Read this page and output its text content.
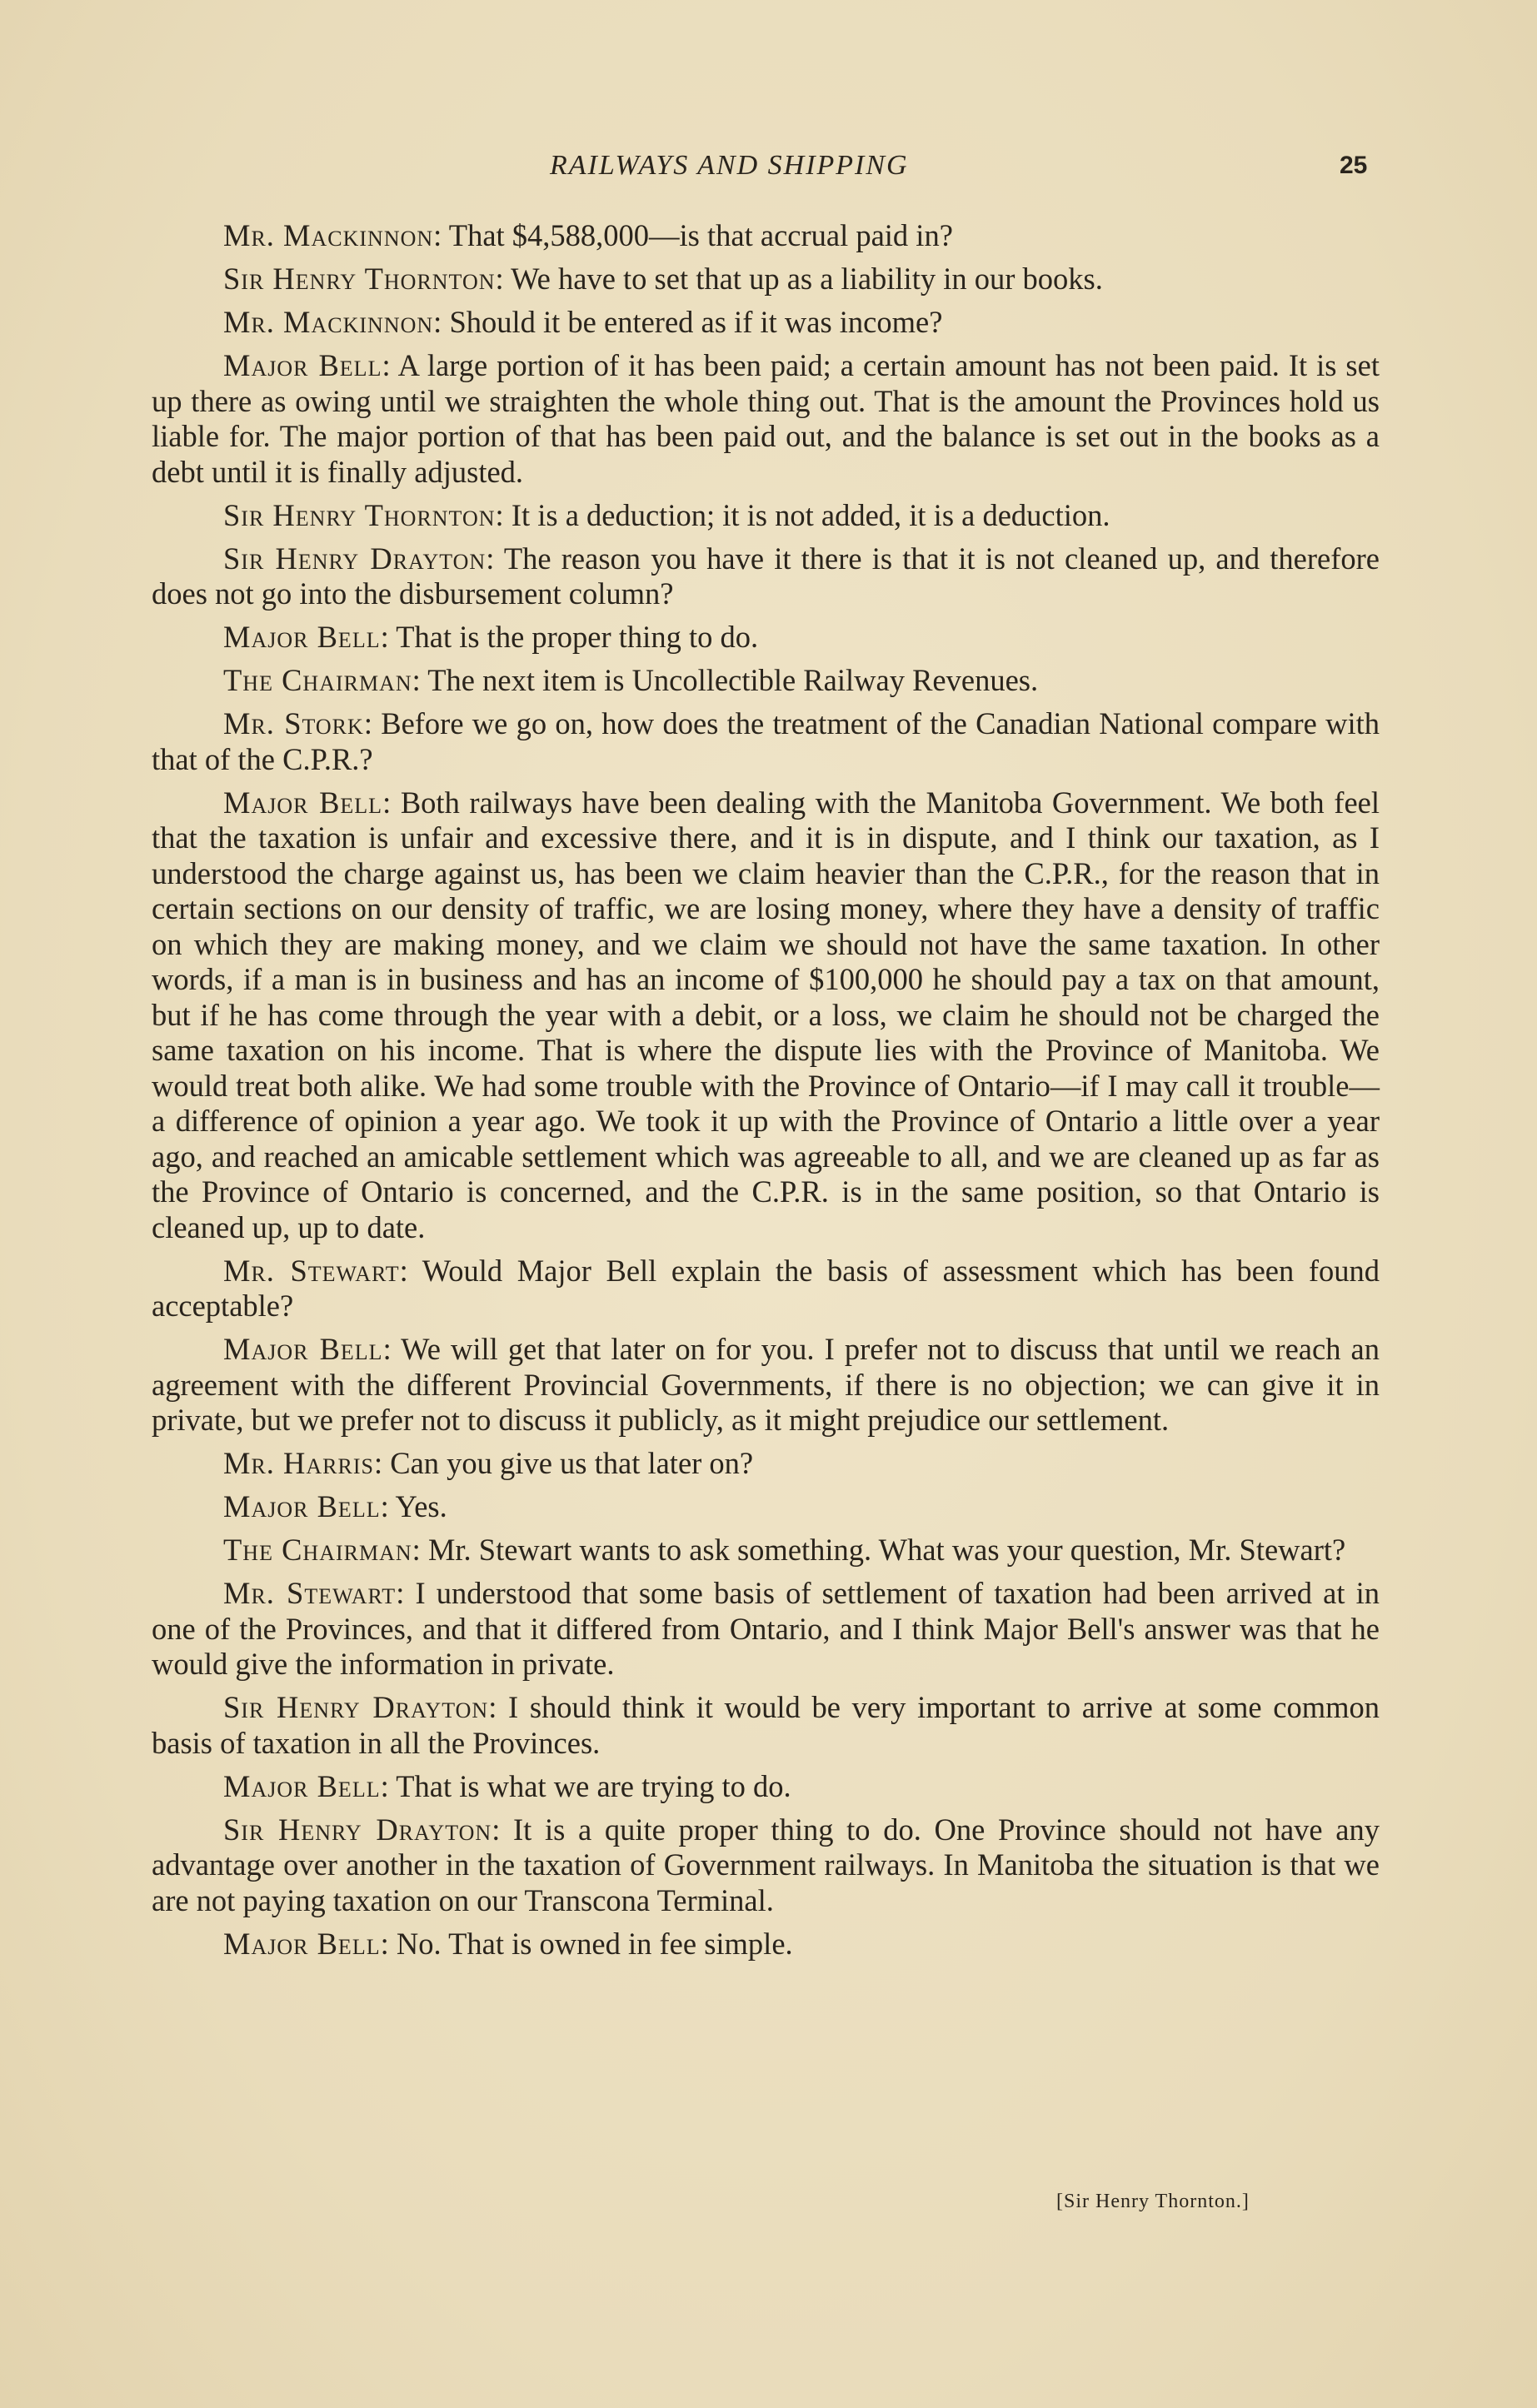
RAILWAYS AND SHIPPING	25

Mr. Mackinnon: That $4,588,000—is that accrual paid in?

Sir Henry Thornton: We have to set that up as a liability in our books.

Mr. Mackinnon: Should it be entered as if it was income?

Major Bell: A large portion of it has been paid; a certain amount has not been paid. It is set up there as owing until we straighten the whole thing out. That is the amount the Provinces hold us liable for. The major portion of that has been paid out, and the balance is set out in the books as a debt until it is finally adjusted.

Sir Henry Thornton: It is a deduction; it is not added, it is a deduction.

Sir Henry Drayton: The reason you have it there is that it is not cleaned up, and therefore does not go into the disbursement column?

Major Bell: That is the proper thing to do.

The Chairman: The next item is Uncollectible Railway Revenues.

Mr. Stork: Before we go on, how does the treatment of the Canadian National compare with that of the C.P.R.?

Major Bell: Both railways have been dealing with the Manitoba Government. We both feel that the taxation is unfair and excessive there, and it is in dispute, and I think our taxation, as I understood the charge against us, has been we claim heavier than the C.P.R., for the reason that in certain sections on our density of traffic, we are losing money, where they have a density of traffic on which they are making money, and we claim we should not have the same taxation. In other words, if a man is in business and has an income of $100,000 he should pay a tax on that amount, but if he has come through the year with a debit, or a loss, we claim he should not be charged the same taxation on his income. That is where the dispute lies with the Province of Manitoba. We would treat both alike. We had some trouble with the Province of Ontario—if I may call it trouble—a difference of opinion a year ago. We took it up with the Province of Ontario a little over a year ago, and reached an amicable settlement which was agreeable to all, and we are cleaned up as far as the Province of Ontario is concerned, and the C.P.R. is in the same position, so that Ontario is cleaned up, up to date.

Mr. Stewart: Would Major Bell explain the basis of assessment which has been found acceptable?

Major Bell: We will get that later on for you. I prefer not to discuss that until we reach an agreement with the different Provincial Governments, if there is no objection; we can give it in private, but we prefer not to discuss it publicly, as it might prejudice our settlement.

Mr. Harris: Can you give us that later on?

Major Bell: Yes.

The Chairman: Mr. Stewart wants to ask something. What was your question, Mr. Stewart?

Mr. Stewart: I understood that some basis of settlement of taxation had been arrived at in one of the Provinces, and that it differed from Ontario, and I think Major Bell's answer was that he would give the information in private.

Sir Henry Drayton: I should think it would be very important to arrive at some common basis of taxation in all the Provinces.

Major Bell: That is what we are trying to do.

Sir Henry Drayton: It is a quite proper thing to do. One Province should not have any advantage over another in the taxation of Government railways. In Manitoba the situation is that we are not paying taxation on our Transcona Terminal.

Major Bell: No. That is owned in fee simple.

[Sir Henry Thornton.]
